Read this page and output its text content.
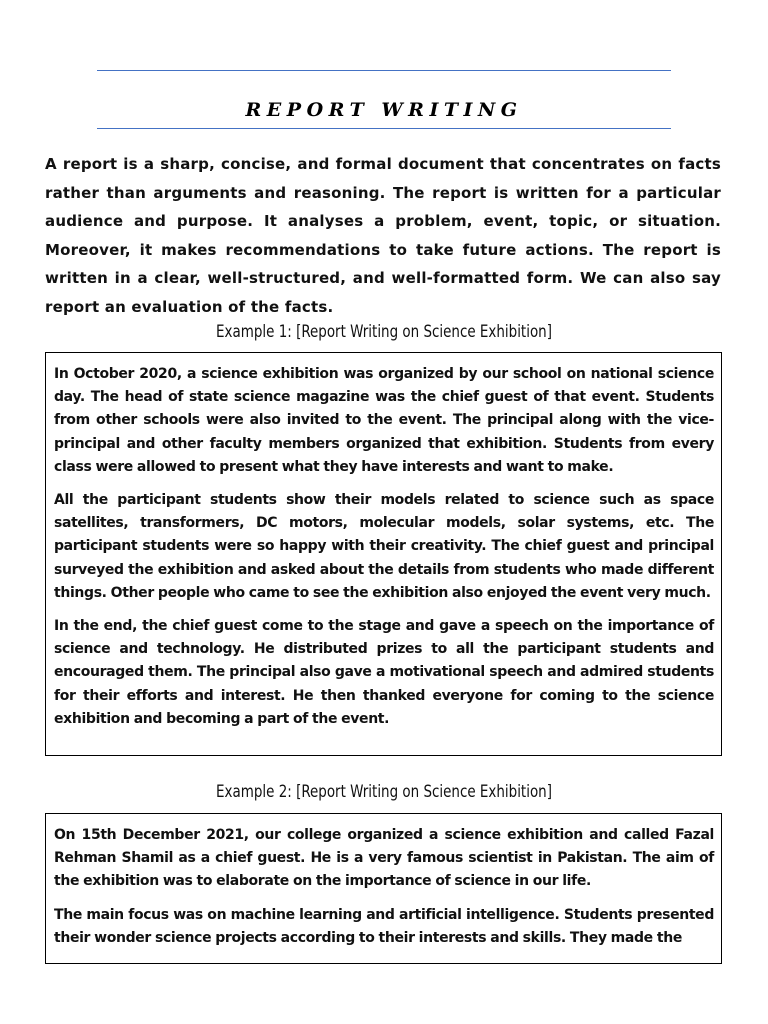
REPORT WRITING

A report is a sharp, concise, and formal document that concentrates on facts rather than arguments and reasoning. The report is written for a particular audience and purpose. It analyses a problem, event, topic, or situation. Moreover, it makes recommendations to take future actions. The report is written in a clear, well-structured, and well-formatted form. We can also say report an evaluation of the facts.

Example 1: [Report Writing on Science Exhibition]

In October 2020, a science exhibition was organized by our school on national science day. The head of state science magazine was the chief guest of that event. Students from other schools were also invited to the event. The principal along with the vice-principal and other faculty members organized that exhibition. Students from every class were allowed to present what they have interests and want to make.

All the participant students show their models related to science such as space satellites, transformers, DC motors, molecular models, solar systems, etc. The participant students were so happy with their creativity. The chief guest and principal surveyed the exhibition and asked about the details from students who made different things. Other people who came to see the exhibition also enjoyed the event very much.

In the end, the chief guest come to the stage and gave a speech on the importance of science and technology. He distributed prizes to all the participant students and encouraged them. The principal also gave a motivational speech and admired students for their efforts and interest. He then thanked everyone for coming to the science exhibition and becoming a part of the event.

Example 2: [Report Writing on Science Exhibition]

On 15th December 2021, our college organized a science exhibition and called Fazal Rehman Shamil as a chief guest. He is a very famous scientist in Pakistan. The aim of the exhibition was to elaborate on the importance of science in our life.

The main focus was on machine learning and artificial intelligence. Students presented their wonder science projects according to their interests and skills. They made the
